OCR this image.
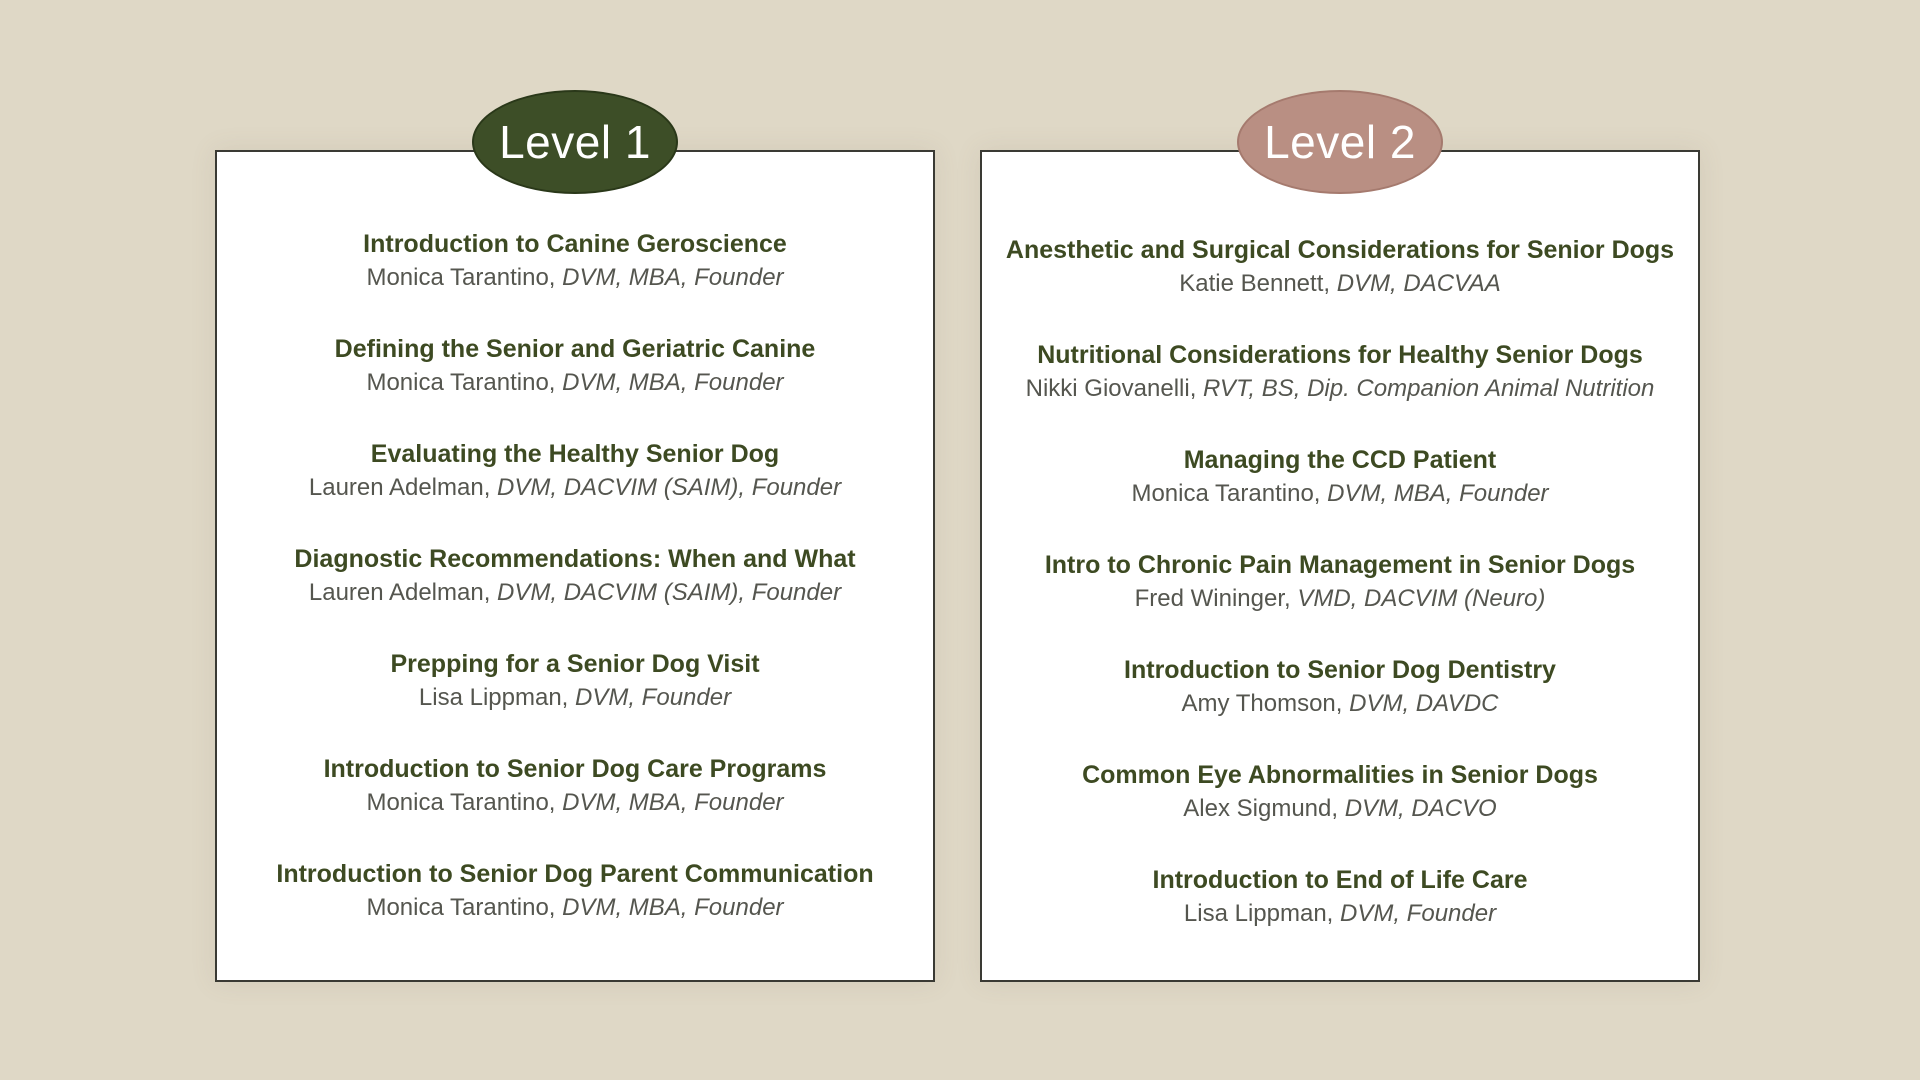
Level 1
Introduction to Canine Geroscience
Monica Tarantino, DVM, MBA, Founder
Defining the Senior and Geriatric Canine
Monica Tarantino, DVM, MBA, Founder
Evaluating the Healthy Senior Dog
Lauren Adelman, DVM, DACVIM (SAIM), Founder
Diagnostic Recommendations: When and What
Lauren Adelman, DVM, DACVIM (SAIM), Founder
Prepping for a Senior Dog Visit
Lisa Lippman, DVM, Founder
Introduction to Senior Dog Care Programs
Monica Tarantino, DVM, MBA, Founder
Introduction to Senior Dog Parent Communication
Monica Tarantino, DVM, MBA, Founder
Level 2
Anesthetic and Surgical Considerations for Senior Dogs
Katie Bennett, DVM, DACVAA
Nutritional Considerations for Healthy Senior Dogs
Nikki Giovanelli, RVT, BS, Dip. Companion Animal Nutrition
Managing the CCD Patient
Monica Tarantino, DVM, MBA, Founder
Intro to Chronic Pain Management in Senior Dogs
Fred Wininger, VMD, DACVIM (Neuro)
Introduction to Senior Dog Dentistry
Amy Thomson, DVM, DAVDC
Common Eye Abnormalities in Senior Dogs
Alex Sigmund, DVM, DACVO
Introduction to End of Life Care
Lisa Lippman, DVM, Founder
